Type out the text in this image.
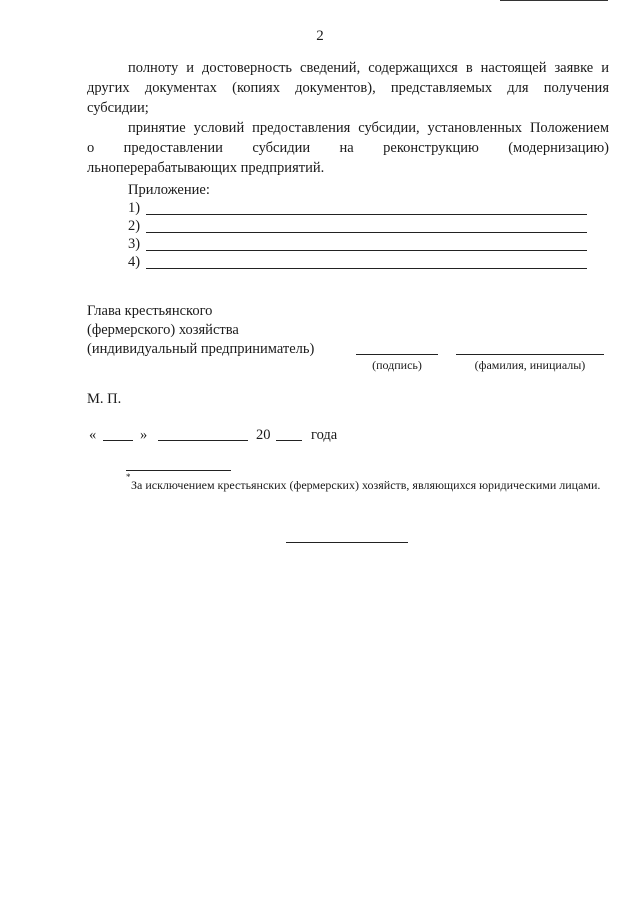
2
полноту и достоверность сведений, содержащихся в настоящей заявке и
других документах (копиях документов), представляемых для получения
субсидии;
принятие условий предоставления субсидии, установленных Положением
о предоставлении субсидии на реконструкцию (модернизацию)
льноперерабатывающих предприятий.
Приложение:
1)
2)
3)
4)
Глава крестьянского
(фермерского) хозяйства
(индивидуальный предприниматель)
(подпись)	(фамилия, инициалы)
М. П.
«	»	20	года
*
За исключением крестьянских (фермерских) хозяйств, являющихся юридическими лицами.
